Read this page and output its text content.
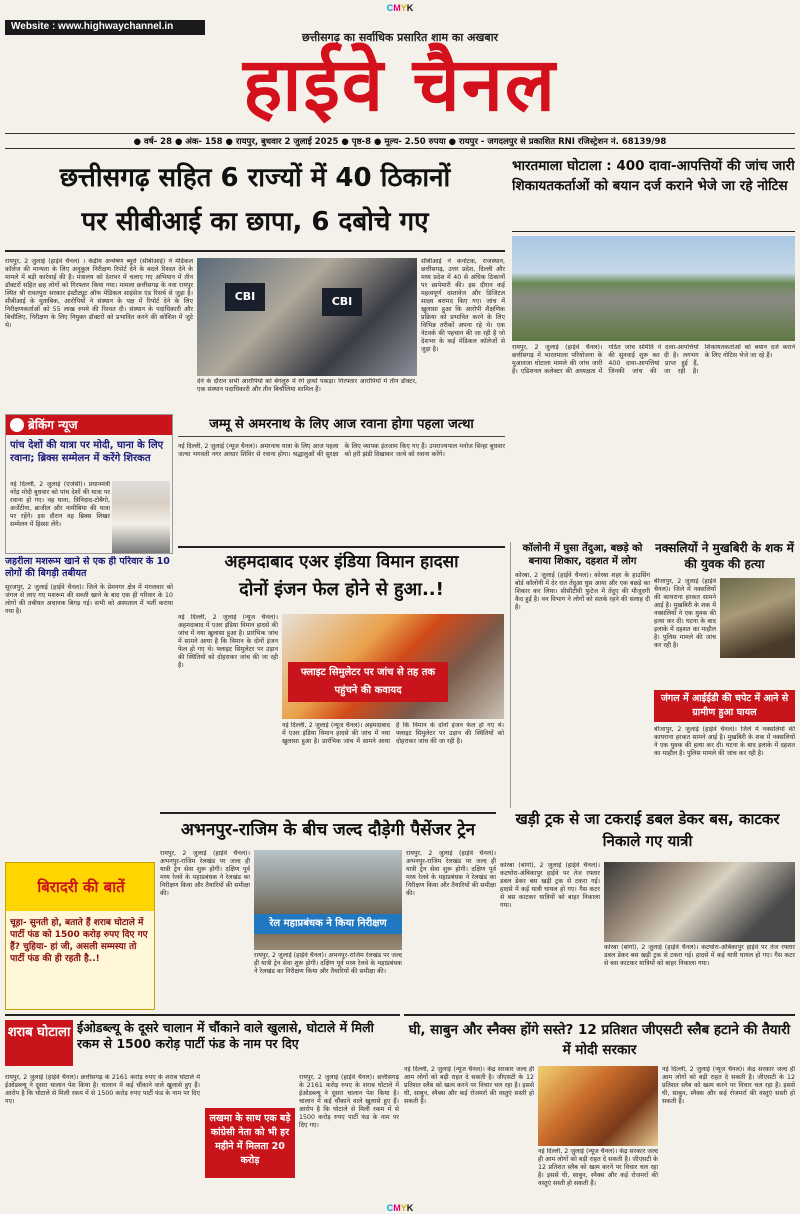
CMYK
Website : www.highwaychannel.in
छत्तीसगढ़ का सर्वाधिक प्रसारित शाम का अखबार
हाईवे चैनल
● वर्ष- 28 ● अंक- 158 ● रायपुर, बुधवार 2 जुलाई 2025 ● पृष्ठ-8 ● मूल्य- 2.50 रुपया ● रायपुर - जगदलपुर से प्रकाशित RNI रजिस्ट्रेशन नं. 68139/98
छत्तीसगढ़ सहित 6 राज्यों में 40 ठिकानों
पर सीबीआई का छापा, 6 दबोचे गए
रायपुर, 2 जुलाई (हाईवे चैनल) । केंद्रीय अन्वेषण ब्यूरो (सीबीआई) ने मेडिकल कॉलेज की मान्यता के लिए अनुकूल निरीक्षण रिपोर्ट देने के बदले रिश्वत देने के मामले में बड़ी कार्रवाई की है। मंत्रालय को देशभर में चलाए गए अभियान में तीन डॉक्टरों सहित छह लोगों को गिरफ्तार किया गया। मामला छत्तीसगढ़ के नवा रायपुर स्थित श्री रावतपुरा सरकार इंस्टीट्यूट ऑफ मेडिकल साइंसेज एंड रिसर्च से जुड़ा है। सीबीआई के मुताबिक, आरोपियों ने संस्थान के पक्ष में रिपोर्ट देने के लिए निरीक्षणकर्ताओं को 55 लाख रुपये की रिश्वत दी। संस्थान के पदाधिकारी और बिचौलिए, निरीक्षण के लिए नियुक्त डॉक्टरों को प्रभावित करने की कोशिश में जुटे थे।
CBI	CBI
देने के दौरान सभी आरोपियों को बेंगलुरु में रंगे हाथों पकड़ा। गिरफ्तार आरोपियों में तीन डॉक्टर, एक संस्थान पदाधिकारी और तीन बिचौलिया शामिल हैं।
सीबीआई ने कर्नाटक, राजस्थान, छत्तीसगढ़, उत्तर प्रदेश, दिल्ली और मध्य प्रदेश में 40 से अधिक ठिकानों पर छापेमारी की। इस दौरान कई महत्वपूर्ण दस्तावेज और डिजिटल साक्ष्य बरामद किए गए। जांच में खुलासा हुआ कि आरोपी शैक्षणिक प्रक्रिया को प्रभावित करने के लिए विभिन्न तरीकों अपना रहे थे। एक नेटवर्क की पहचान की जा रही है जो देशभर के कई मेडिकल कॉलेजों से जुड़ा है।
भारतमाला घोटाला : 400 दावा-आपत्तियों की जांच जारी शिकायतकर्ताओं को बयान दर्ज कराने भेजे जा रहे नोटिस
रायपुर, 2 जुलाई (हाईवे चैनल)। छत्तीसगढ़ में भारतमाला परियोजना के मुआवजा घोटाला मामले की जांच जारी है। एडिशनल कलेक्टर की अध्यक्षता में गठित जांच समिति ने दावा-आपत्तियों की सुनवाई शुरू कर दी है। लगभग 400 दावा-आपत्तियां प्राप्त हुई हैं, जिनकी जांच की जा रही है। शिकायतकर्ताओं को बयान दर्ज कराने के लिए नोटिस भेजे जा रहे हैं।
ब्रेकिंग न्यूज
पांच देशों की यात्रा पर मोदी, घाना के लिए रवाना; ब्रिक्स सम्मेलन में करेंगे शिरकत
नई दिल्ली, 2 जुलाई (एजेंसी)। प्रधानमंत्री नरेंद्र मोदी बुधवार को पांच देशों की यात्रा पर रवाना हो गए। वह घाना, त्रिनिदाद-टोबैगो, अर्जेंटीना, ब्राजील और नामीबिया की यात्रा पर रहेंगे। इस दौरान वह ब्रिक्स शिखर सम्मेलन में हिस्सा लेंगे।
जहरीला मशरूम खाने से एक ही परिवार के 10 लोगों की बिगड़ी तबीयत
सूरजपुर, 2 जुलाई (हाईवे चैनल)। जिले के प्रेमनगर क्षेत्र में मंगलवार को जंगल से लाए गए मशरूम की सब्जी खाने के बाद एक ही परिवार के 10 लोगों की तबीयत अचानक बिगड़ गई। सभी को अस्पताल में भर्ती कराया गया है।
जम्मू से अमरनाथ के लिए आज रवाना होगा पहला जत्था
नई दिल्ली, 2 जुलाई (न्यूज चैनल)। अमरनाथ यात्रा के लिए आज पहला जत्था भगवती नगर आधार शिविर से रवाना होगा। श्रद्धालुओं की सुरक्षा के लिए व्यापक इंतजाम किए गए हैं। उपराज्यपाल मनोज सिन्हा बुधवार को हरी झंडी दिखाकर जत्थे को रवाना करेंगे।
अहमदाबाद एअर इंडिया विमान हादसा
दोनों इंजन फेल होने से हुआ..!
नई दिल्ली, 2 जुलाई (न्यूज चैनल)। अहमदाबाद में एअर इंडिया विमान हादसे की जांच में नया खुलासा हुआ है। प्रारंभिक जांच में सामने आया है कि विमान के दोनों इंजन फेल हो गए थे। फ्लाइट सिमुलेटर पर उड़ान की स्थितियों को दोहराकर जांच की जा रही है।
फ्लाइट सिमुलेटर पर जांच से तह तक पहुंचने की कवायद
नई दिल्ली, 2 जुलाई (न्यूज चैनल)। अहमदाबाद में एअर इंडिया विमान हादसे की जांच में नया खुलासा हुआ है। प्रारंभिक जांच में सामने आया है कि विमान के दोनों इंजन फेल हो गए थे। फ्लाइट सिमुलेटर पर उड़ान की स्थितियों को दोहराकर जांच की जा रही है।
कॉलोनी में घुसा तेंदुआ, बछड़े को बनाया शिकार, दहशत में लोग
कोरबा, 2 जुलाई (हाईवे चैनल)। कोरबा शहर के हाउसिंग बोर्ड कॉलोनी में देर रात तेंदुआ घुस आया और एक बछड़े का शिकार कर लिया। सीसीटीवी फुटेज में तेंदुए की मौजूदगी कैद हुई है। वन विभाग ने लोगों को सतर्क रहने की सलाह दी है।
नक्सलियों ने मुखबिरी के शक में की युवक की हत्या
बीजापुर, 2 जुलाई (हाईवे चैनल)। जिले में नक्सलियों की कायराना हरकत सामने आई है। मुखबिरी के शक में नक्सलियों ने एक युवक की हत्या कर दी। घटना के बाद इलाके में दहशत का माहौल है। पुलिस मामले की जांच कर रही है।
जंगल में आईईडी की चपेट में आने से ग्रामीण हुआ घायल
बीजापुर, 2 जुलाई (हाईवे चैनल)। जिले में नक्सलियों की कायराना हरकत सामने आई है। मुखबिरी के शक में नक्सलियों ने एक युवक की हत्या कर दी। घटना के बाद इलाके में दहशत का माहौल है। पुलिस मामले की जांच कर रही है।
अभनपुर-राजिम के बीच जल्द दौड़ेगी पैसेंजर ट्रेन
रायपुर, 2 जुलाई (हाईवे चैनल)। अभनपुर-राजिम रेलखंड पर जल्द ही यात्री ट्रेन सेवा शुरू होगी। दक्षिण पूर्व मध्य रेलवे के महाप्रबंधक ने रेलखंड का निरीक्षण किया और तैयारियों की समीक्षा की।
रेल महाप्रबंधक ने किया निरीक्षण
रायपुर, 2 जुलाई (हाईवे चैनल)। अभनपुर-राजिम रेलखंड पर जल्द ही यात्री ट्रेन सेवा शुरू होगी। दक्षिण पूर्व मध्य रेलवे के महाप्रबंधक ने रेलखंड का निरीक्षण किया और तैयारियों की समीक्षा की।
रायपुर, 2 जुलाई (हाईवे चैनल)। अभनपुर-राजिम रेलखंड पर जल्द ही यात्री ट्रेन सेवा शुरू होगी। दक्षिण पूर्व मध्य रेलवे के महाप्रबंधक ने रेलखंड का निरीक्षण किया और तैयारियों की समीक्षा की।
बिरादरी की बातें
चूहा- सुनती हो, बताते हैं शराब घोटाले में पार्टी फंड को 1500 करोड़ रुपए दिए गए हैं? चुहिया- हां जी, असली सम्मस्या तो पार्टी फंड की ही रहती है..!
खड़ी ट्रक से जा टकराई डबल डेकर बस, काटकर निकाले गए यात्री
कोरबा (बांगो), 2 जुलाई (हाईवे चैनल)। कटघोरा-अंबिकापुर हाईवे पर तेज रफ्तार डबल डेकर बस खड़ी ट्रक से टकरा गई। हादसे में कई यात्री घायल हो गए। गैस कटर से बस काटकर यात्रियों को बाहर निकाला गया।
कोरबा (बांगो), 2 जुलाई (हाईवे चैनल)। कटघोरा-अंबिकापुर हाईवे पर तेज रफ्तार डबल डेकर बस खड़ी ट्रक से टकरा गई। हादसे में कई यात्री घायल हो गए। गैस कटर से बस काटकर यात्रियों को बाहर निकाला गया।
शराब घोटाला ईओडब्ल्यू के दूसरे चालान में चौंकाने वाले खुलासे, घोटाले में मिली रकम से 1500 करोड़ पार्टी फंड के नाम पर दिए
रायपुर, 2 जुलाई (हाईवे चैनल)। छत्तीसगढ़ के 2161 करोड़ रुपए के शराब घोटाले में ईओडब्ल्यू ने दूसरा चालान पेश किया है। चालान में कई चौंकाने वाले खुलासे हुए हैं। आरोप है कि घोटाले से मिली रकम में से 1500 करोड़ रुपए पार्टी फंड के नाम पर दिए गए।
लखमा के साथ एक बड़े कांग्रेसी नेता को भी हर महीने में मिलता 20 करोड़
रायपुर, 2 जुलाई (हाईवे चैनल)। छत्तीसगढ़ के 2161 करोड़ रुपए के शराब घोटाले में ईओडब्ल्यू ने दूसरा चालान पेश किया है। चालान में कई चौंकाने वाले खुलासे हुए हैं। आरोप है कि घोटाले से मिली रकम में से 1500 करोड़ रुपए पार्टी फंड के नाम पर दिए गए।
घी, साबुन और स्नैक्स होंगे सस्ते? 12 प्रतिशत जीएसटी स्लैब हटाने की तैयारी में मोदी सरकार
नई दिल्ली, 2 जुलाई (न्यूज चैनल)। केंद्र सरकार जल्द ही आम लोगों को बड़ी राहत दे सकती है। जीएसटी के 12 प्रतिशत स्लैब को खत्म करने पर विचार चल रहा है। इससे घी, साबुन, स्नैक्स और कई रोजमर्रा की वस्तुएं सस्ती हो सकती हैं।
नई दिल्ली, 2 जुलाई (न्यूज चैनल)। केंद्र सरकार जल्द ही आम लोगों को बड़ी राहत दे सकती है। जीएसटी के 12 प्रतिशत स्लैब को खत्म करने पर विचार चल रहा है। इससे घी, साबुन, स्नैक्स और कई रोजमर्रा की वस्तुएं सस्ती हो सकती हैं।
नई दिल्ली, 2 जुलाई (न्यूज चैनल)। केंद्र सरकार जल्द ही आम लोगों को बड़ी राहत दे सकती है। जीएसटी के 12 प्रतिशत स्लैब को खत्म करने पर विचार चल रहा है। इससे घी, साबुन, स्नैक्स और कई रोजमर्रा की वस्तुएं सस्ती हो सकती हैं।
CMYK
